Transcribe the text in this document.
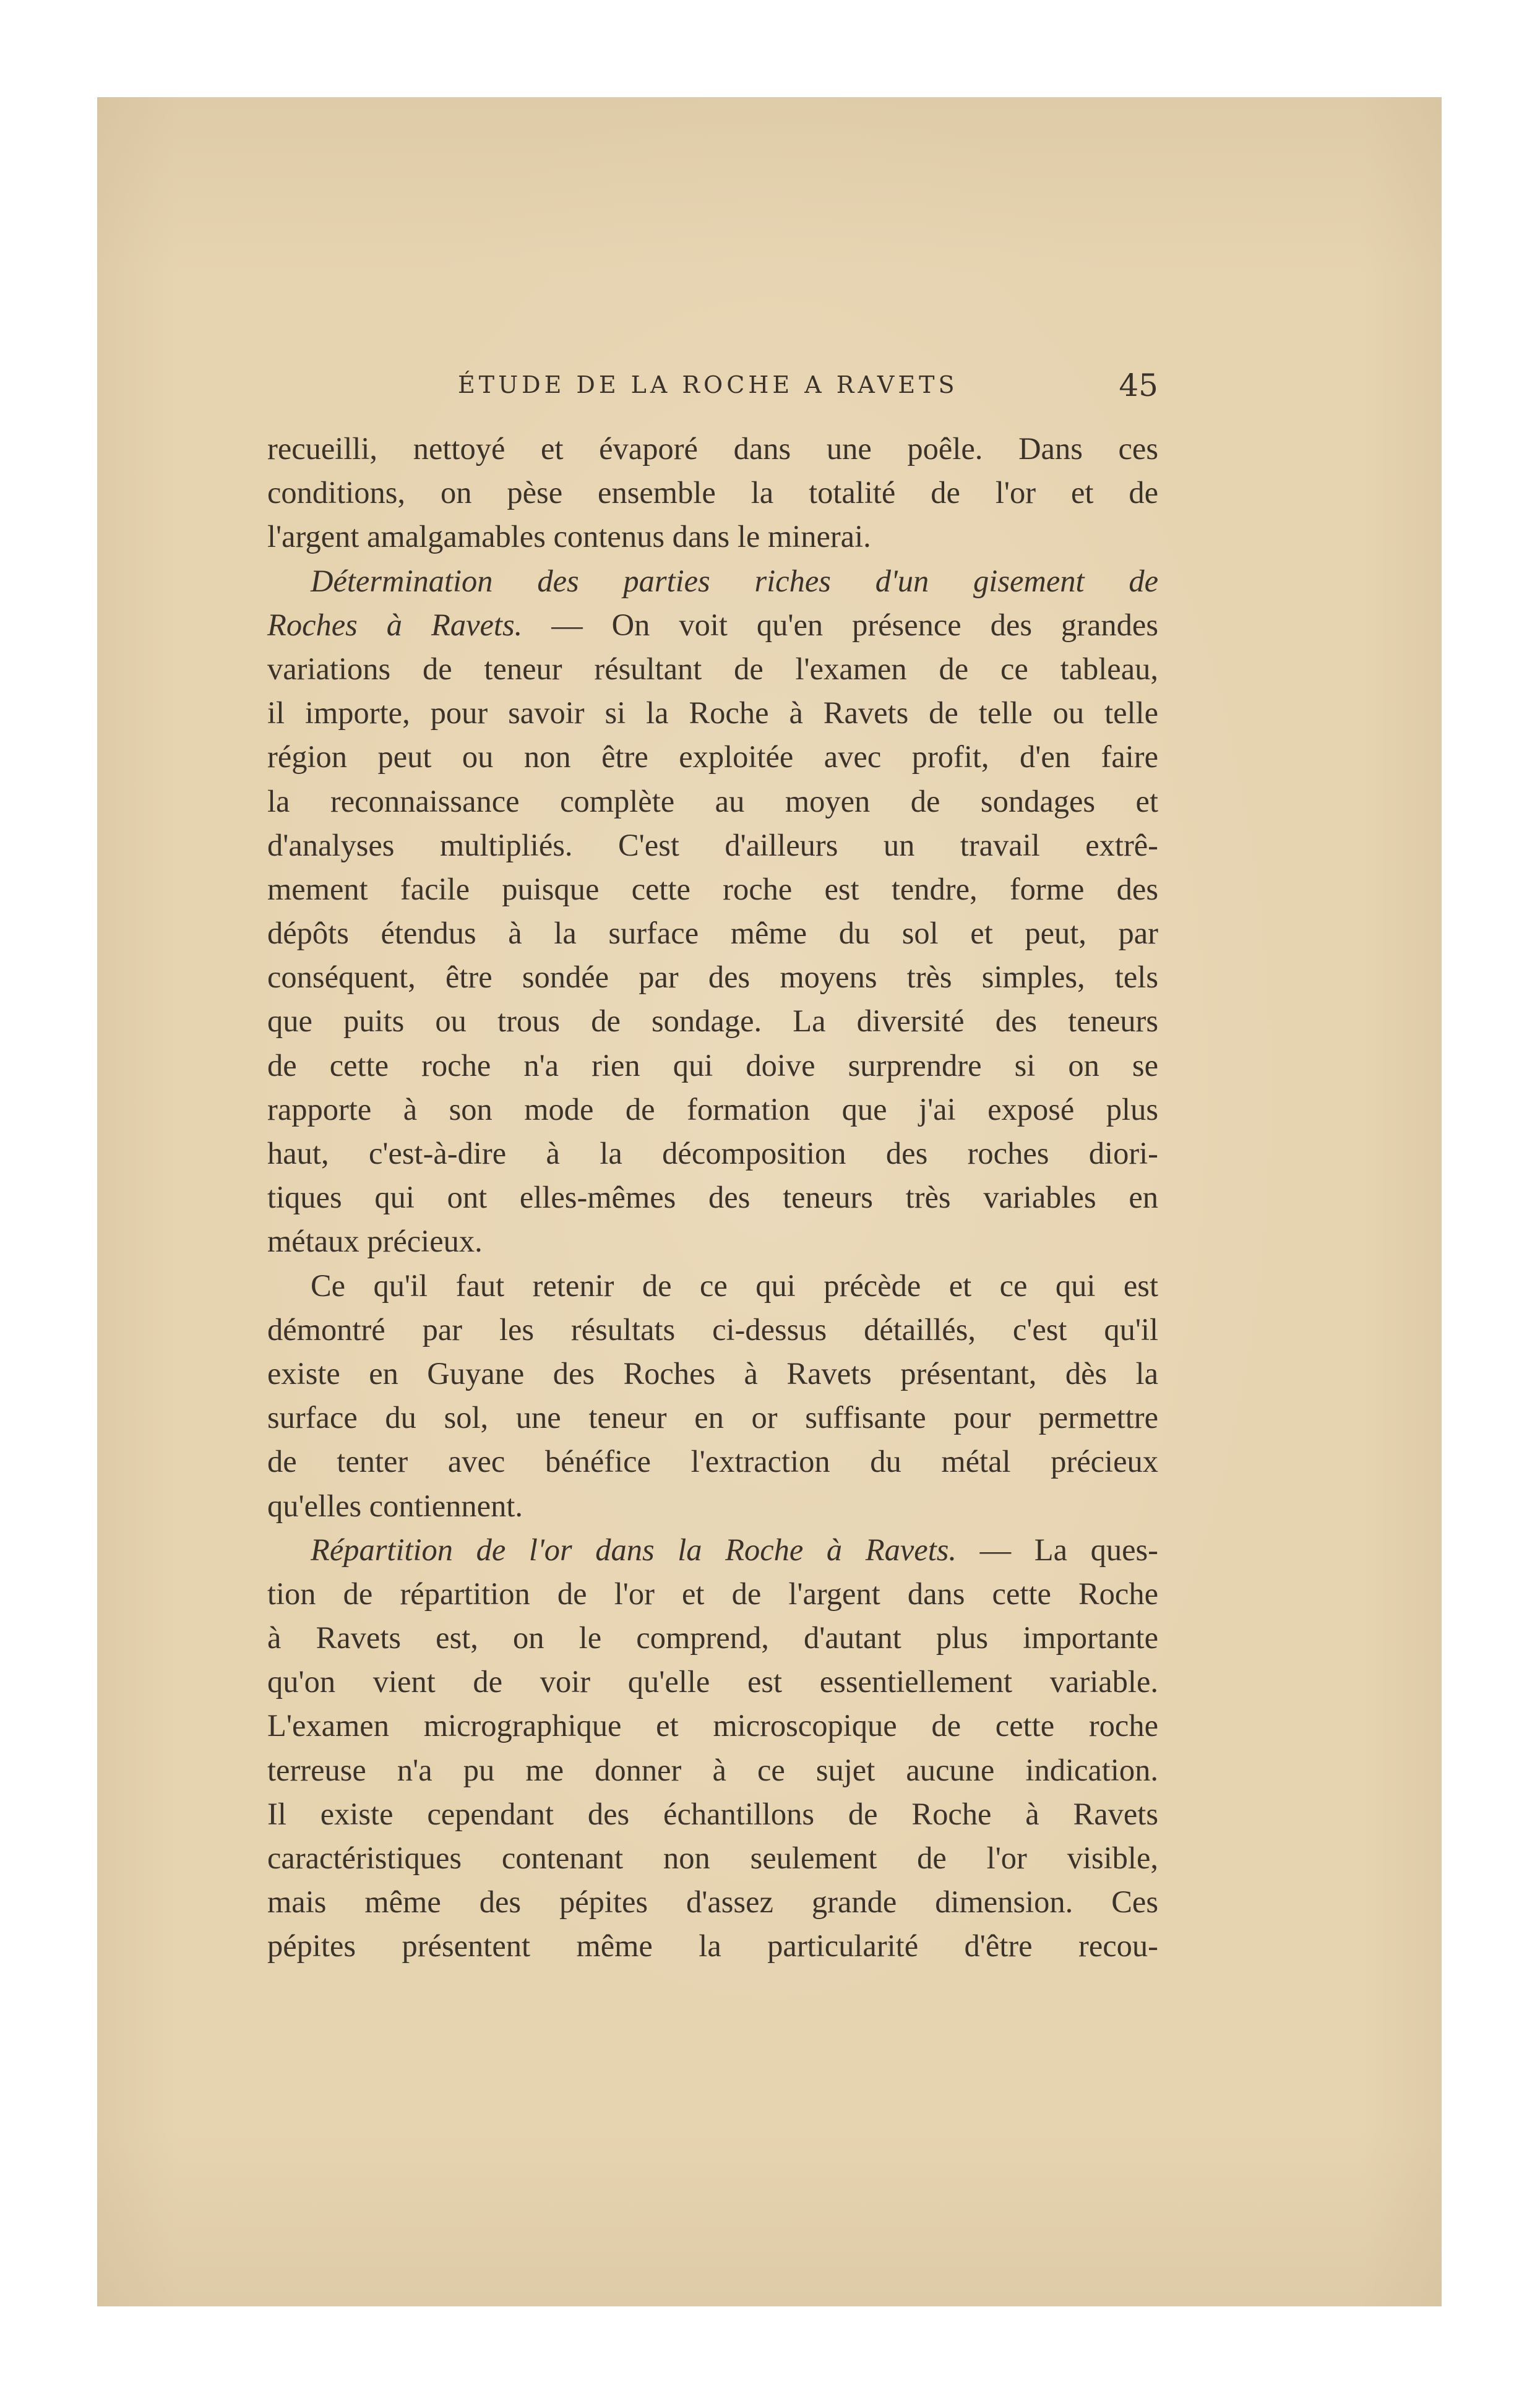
ÉTUDE DE LA ROCHE A RAVETS	45
recueilli, nettoyé et évaporé dans une poêle. Dans ces
conditions, on pèse ensemble la totalité de l'or et de
l'argent amalgamables contenus dans le minerai.
Détermination des parties riches d'un gisement de
Roches à Ravets. — On voit qu'en présence des grandes
variations de teneur résultant de l'examen de ce tableau,
il importe, pour savoir si la Roche à Ravets de telle ou telle
région peut ou non être exploitée avec profit, d'en faire
la reconnaissance complète au moyen de sondages et
d'analyses multipliés. C'est d'ailleurs un travail extrê-
mement facile puisque cette roche est tendre, forme des
dépôts étendus à la surface même du sol et peut, par
conséquent, être sondée par des moyens très simples, tels
que puits ou trous de sondage. La diversité des teneurs
de cette roche n'a rien qui doive surprendre si on se
rapporte à son mode de formation que j'ai exposé plus
haut, c'est-à-dire à la décomposition des roches diori-
tiques qui ont elles-mêmes des teneurs très variables en
métaux précieux.
Ce qu'il faut retenir de ce qui précède et ce qui est
démontré par les résultats ci-dessus détaillés, c'est qu'il
existe en Guyane des Roches à Ravets présentant, dès la
surface du sol, une teneur en or suffisante pour permettre
de tenter avec bénéfice l'extraction du métal précieux
qu'elles contiennent.
Répartition de l'or dans la Roche à Ravets. — La ques-
tion de répartition de l'or et de l'argent dans cette Roche
à Ravets est, on le comprend, d'autant plus importante
qu'on vient de voir qu'elle est essentiellement variable.
L'examen micrographique et microscopique de cette roche
terreuse n'a pu me donner à ce sujet aucune indication.
Il existe cependant des échantillons de Roche à Ravets
caractéristiques contenant non seulement de l'or visible,
mais même des pépites d'assez grande dimension. Ces
pépites présentent même la particularité d'être recou-
